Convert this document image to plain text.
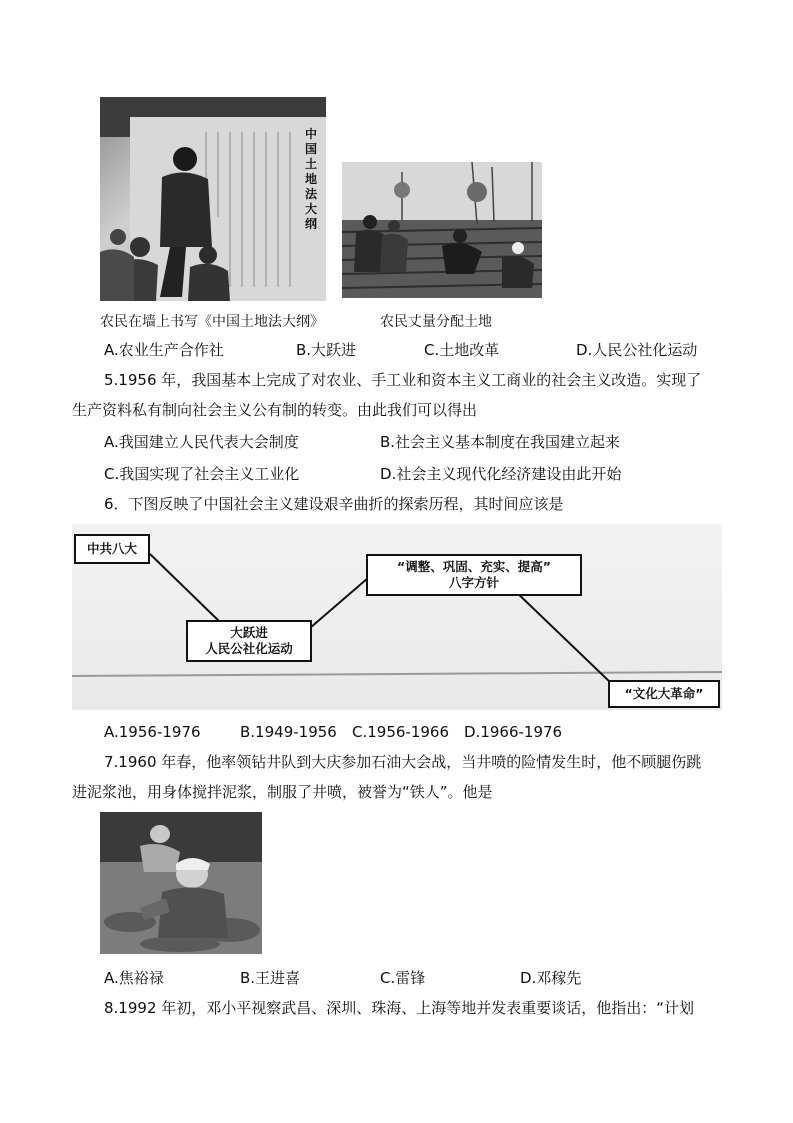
中国土地法大纲
农民在墙上书写《中国土地法大纲》	农民丈量分配土地
A.农业生产合作社	B.大跃进	C.土地改革	D.人民公社化运动
5.1956 年，我国基本上完成了对农业、手工业和资本主义工商业的社会主义改造。实现了
生产资料私有制向社会主义公有制的转变。由此我们可以得出
A.我国建立人民代表大会制度	B.社会主义基本制度在我国建立起来
C.我国实现了社会主义工业化	D.社会主义现代化经济建设由此开始
6．下图反映了中国社会主义建设艰辛曲折的探索历程，其时间应该是
中共八大
大跃进
人民公社化运动
“调整、巩固、充实、提高”
八字方针
“文化大革命”
A.1956-1976	B.1949-1956 C.1956-1966 D.1966-1976
7.1960 年春，他率领钻井队到大庆参加石油大会战，当井喷的险情发生时，他不顾腿伤跳
进泥浆池，用身体搅拌泥浆，制服了井喷，被誉为“铁人”。他是
A.焦裕禄	B.王进喜	C.雷锋	D.邓稼先
8.1992 年初，邓小平视察武昌、深圳、珠海、上海等地并发表重要谈话，他指出：“计划
